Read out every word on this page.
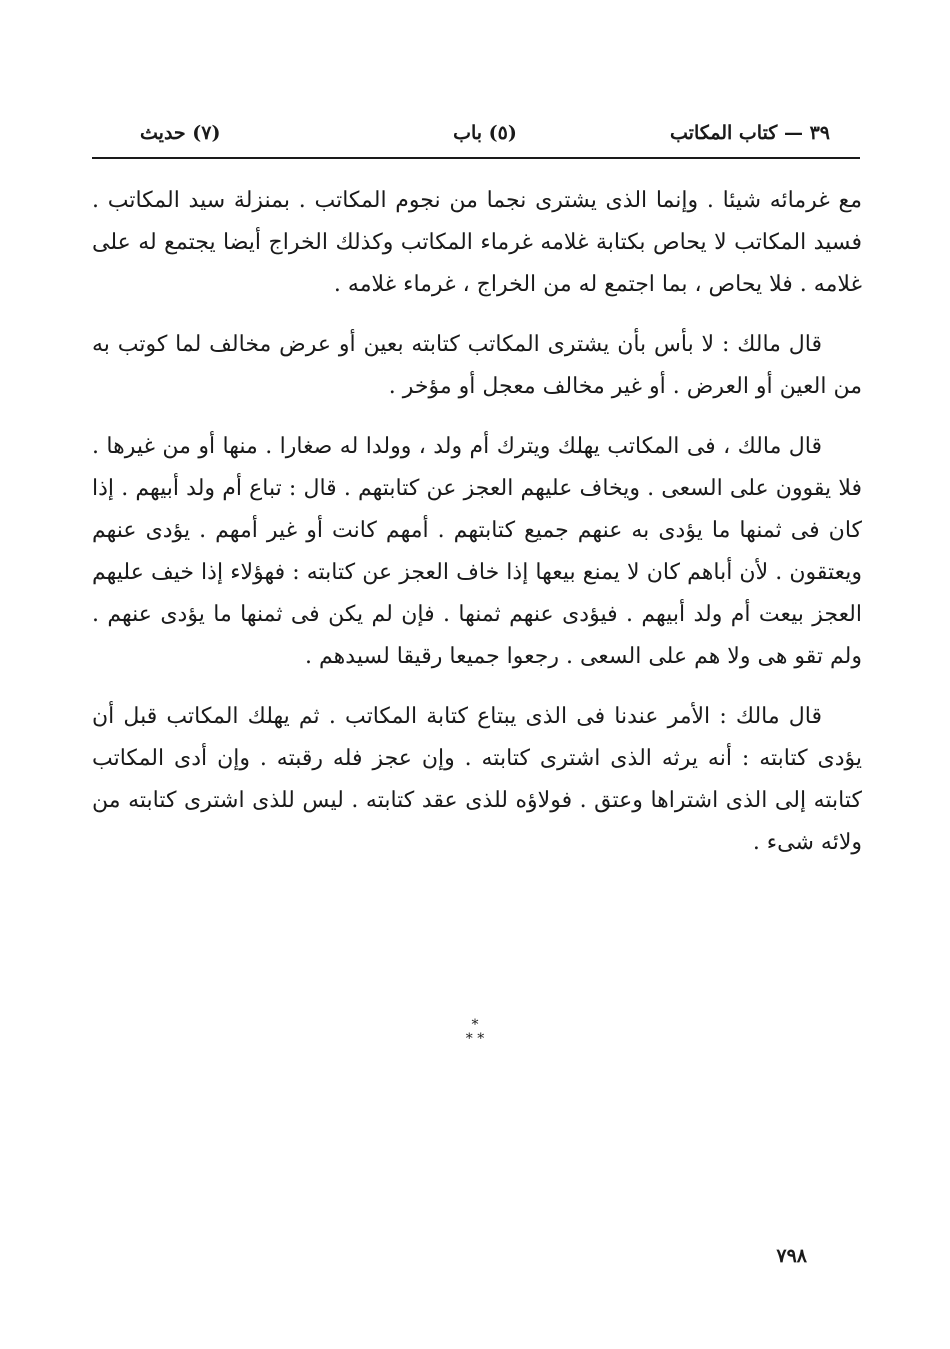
٣٩ — كتاب المكاتب
(٥) باب
(٧) حديث

مع غرمائه شيئا . وإنما الذى يشترى نجما من نجوم المكاتب . بمنزلة سيد المكاتب . فسيد المكاتب لا يحاص بكتابة غلامه غرماء المكاتب وكذلك الخراج أيضا يجتمع له على غلامه . فلا يحاص ، بما اجتمع له من الخراج ، غرماء غلامه .

قال مالك : لا بأس بأن يشترى المكاتب كتابته بعين أو عرض مخالف لما كوتب به من العين أو العرض . أو غير مخالف معجل أو مؤخر .

قال مالك ، فى المكاتب يهلك ويترك أم ولد ، وولدا له صغارا . منها أو من غيرها . فلا يقوون على السعى . ويخاف عليهم العجز عن كتابتهم . قال : تباع أم ولد أبيهم . إذا كان فى ثمنها ما يؤدى به عنهم جميع كتابتهم . أمهم كانت أو غير أمهم . يؤدى عنهم ويعتقون . لأن أباهم كان لا يمنع بيعها إذا خاف العجز عن كتابته : فهؤلاء إذا خيف عليهم العجز بيعت أم ولد أبيهم . فيؤدى عنهم ثمنها . فإن لم يكن فى ثمنها ما يؤدى عنهم . ولم تقو هى ولا هم على السعى . رجعوا جميعا رقيقا لسيدهم .

قال مالك : الأمر عندنا فى الذى يبتاع كتابة المكاتب . ثم يهلك المكاتب قبل أن يؤدى كتابته : أنه يرثه الذى اشترى كتابته . وإن عجز فله رقبته . وإن أدى المكاتب كتابته إلى الذى اشتراها وعتق . فولاؤه للذى عقد كتابته . ليس للذى اشترى كتابته من ولائه شىء .

*
* *
٧٩٨
